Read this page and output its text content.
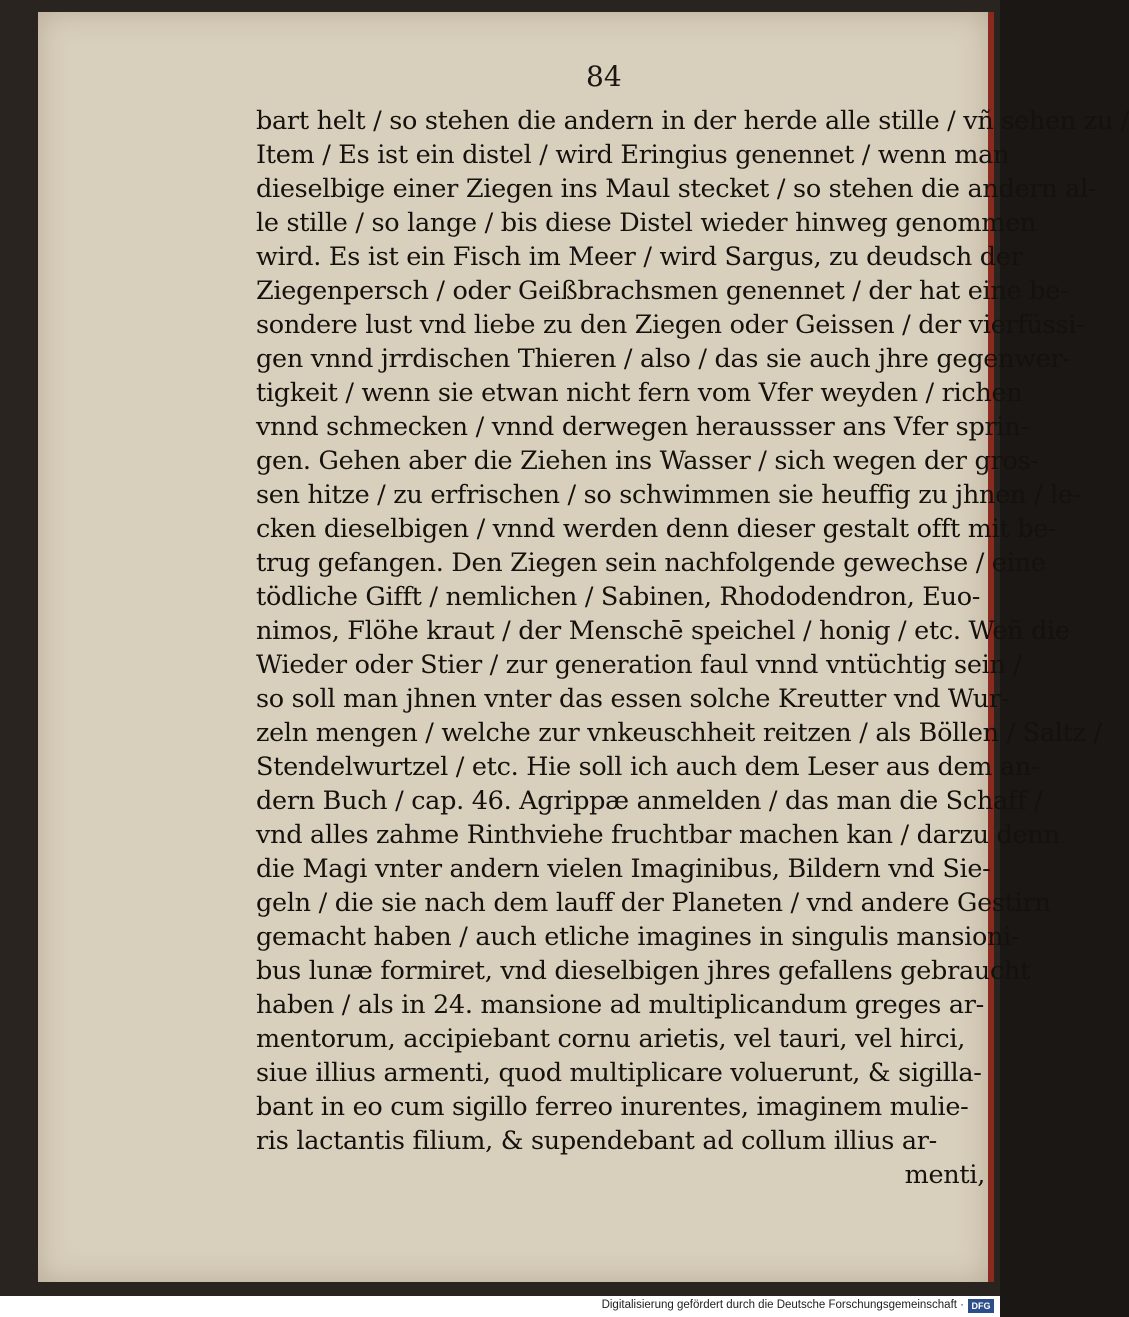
84
bart helt / so stehen die andern in der herde alle stille / vñ sehen zu /
Item / Es ist ein distel / wird Eringius genennet / wenn man
dieselbige einer Ziegen ins Maul stecket / so stehen die andern al-
le stille / so lange / bis diese Distel wieder hinweg genommen
wird. Es ist ein Fisch im Meer / wird Sargus, zu deudsch der
Ziegenpersch / oder Geißbrachsmen genennet / der hat eine be-
sondere lust vnd liebe zu den Ziegen oder Geissen / der vierfüssi-
gen vnnd jrrdischen Thieren / also / das sie auch jhre gegenwer-
tigkeit / wenn sie etwan nicht fern vom Vfer weyden / richen
vnnd schmecken / vnnd derwegen heraussser ans Vfer sprin-
gen. Gehen aber die Ziehen ins Wasser / sich wegen der gros-
sen hitze / zu erfrischen / so schwimmen sie heuffig zu jhnen / le-
cken dieselbigen / vnnd werden denn dieser gestalt offt mit be-
trug gefangen. Den Ziegen sein nachfolgende gewechse / eine
tödliche Gifft / nemlichen / Sabinen, Rhododendron, Euo-
nimos, Flöhe kraut / der Menschē speichel / honig / etc. Weñ die
Wieder oder Stier / zur generation faul vnnd vntüchtig sein /
so soll man jhnen vnter das essen solche Kreutter vnd Wur-
zeln mengen / welche zur vnkeuschheit reitzen / als Böllen / Saltz /
Stendelwurtzel / etc. Hie soll ich auch dem Leser aus dem an-
dern Buch / cap. 46. Agrippæ anmelden / das man die Schaff /
vnd alles zahme Rinthviehe fruchtbar machen kan / darzu denn
die Magi vnter andern vielen Imaginibus, Bildern vnd Sie-
geln / die sie nach dem lauff der Planeten / vnd andere Gestirn
gemacht haben / auch etliche imagines in singulis mansioni-
bus lunæ formiret, vnd dieselbigen jhres gefallens gebraucht
haben / als in 24. mansione ad multiplicandum greges ar-
mentorum, accipiebant cornu arietis, vel tauri, vel hirci,
siue illius armenti, quod multiplicare voluerunt, & sigilla-
bant in eo cum sigillo ferreo inurentes, imaginem mulie-
ris lactantis filium, & supendebant ad collum illius ar-
menti,
Digitalisierung gefördert durch die Deutsche Forschungsgemeinschaft · DFG
